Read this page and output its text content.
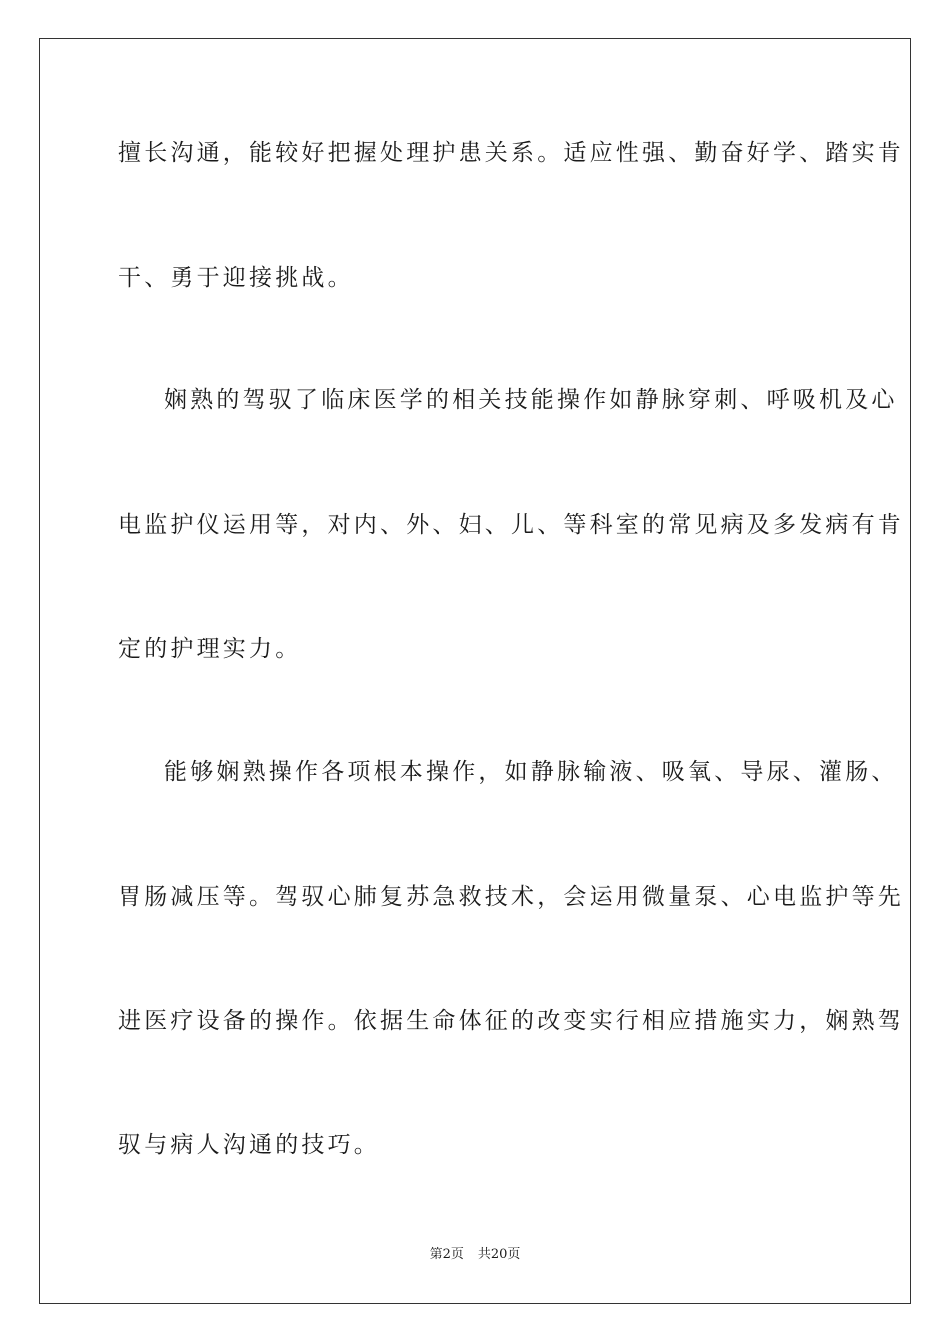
擅长沟通，能较好把握处理护患关系。适应性强、勤奋好学、踏实肯
干、勇于迎接挑战。
娴熟的驾驭了临床医学的相关技能操作如静脉穿刺、呼吸机及心
电监护仪运用等，对内、外、妇、儿、等科室的常见病及多发病有肯
定的护理实力。
能够娴熟操作各项根本操作，如静脉输液、吸氧、导尿、灌肠、
胃肠减压等。驾驭心肺复苏急救技术，会运用微量泵、心电监护等先
进医疗设备的操作。依据生命体征的改变实行相应措施实力，娴熟驾
驭与病人沟通的技巧。
第2页 共20页
